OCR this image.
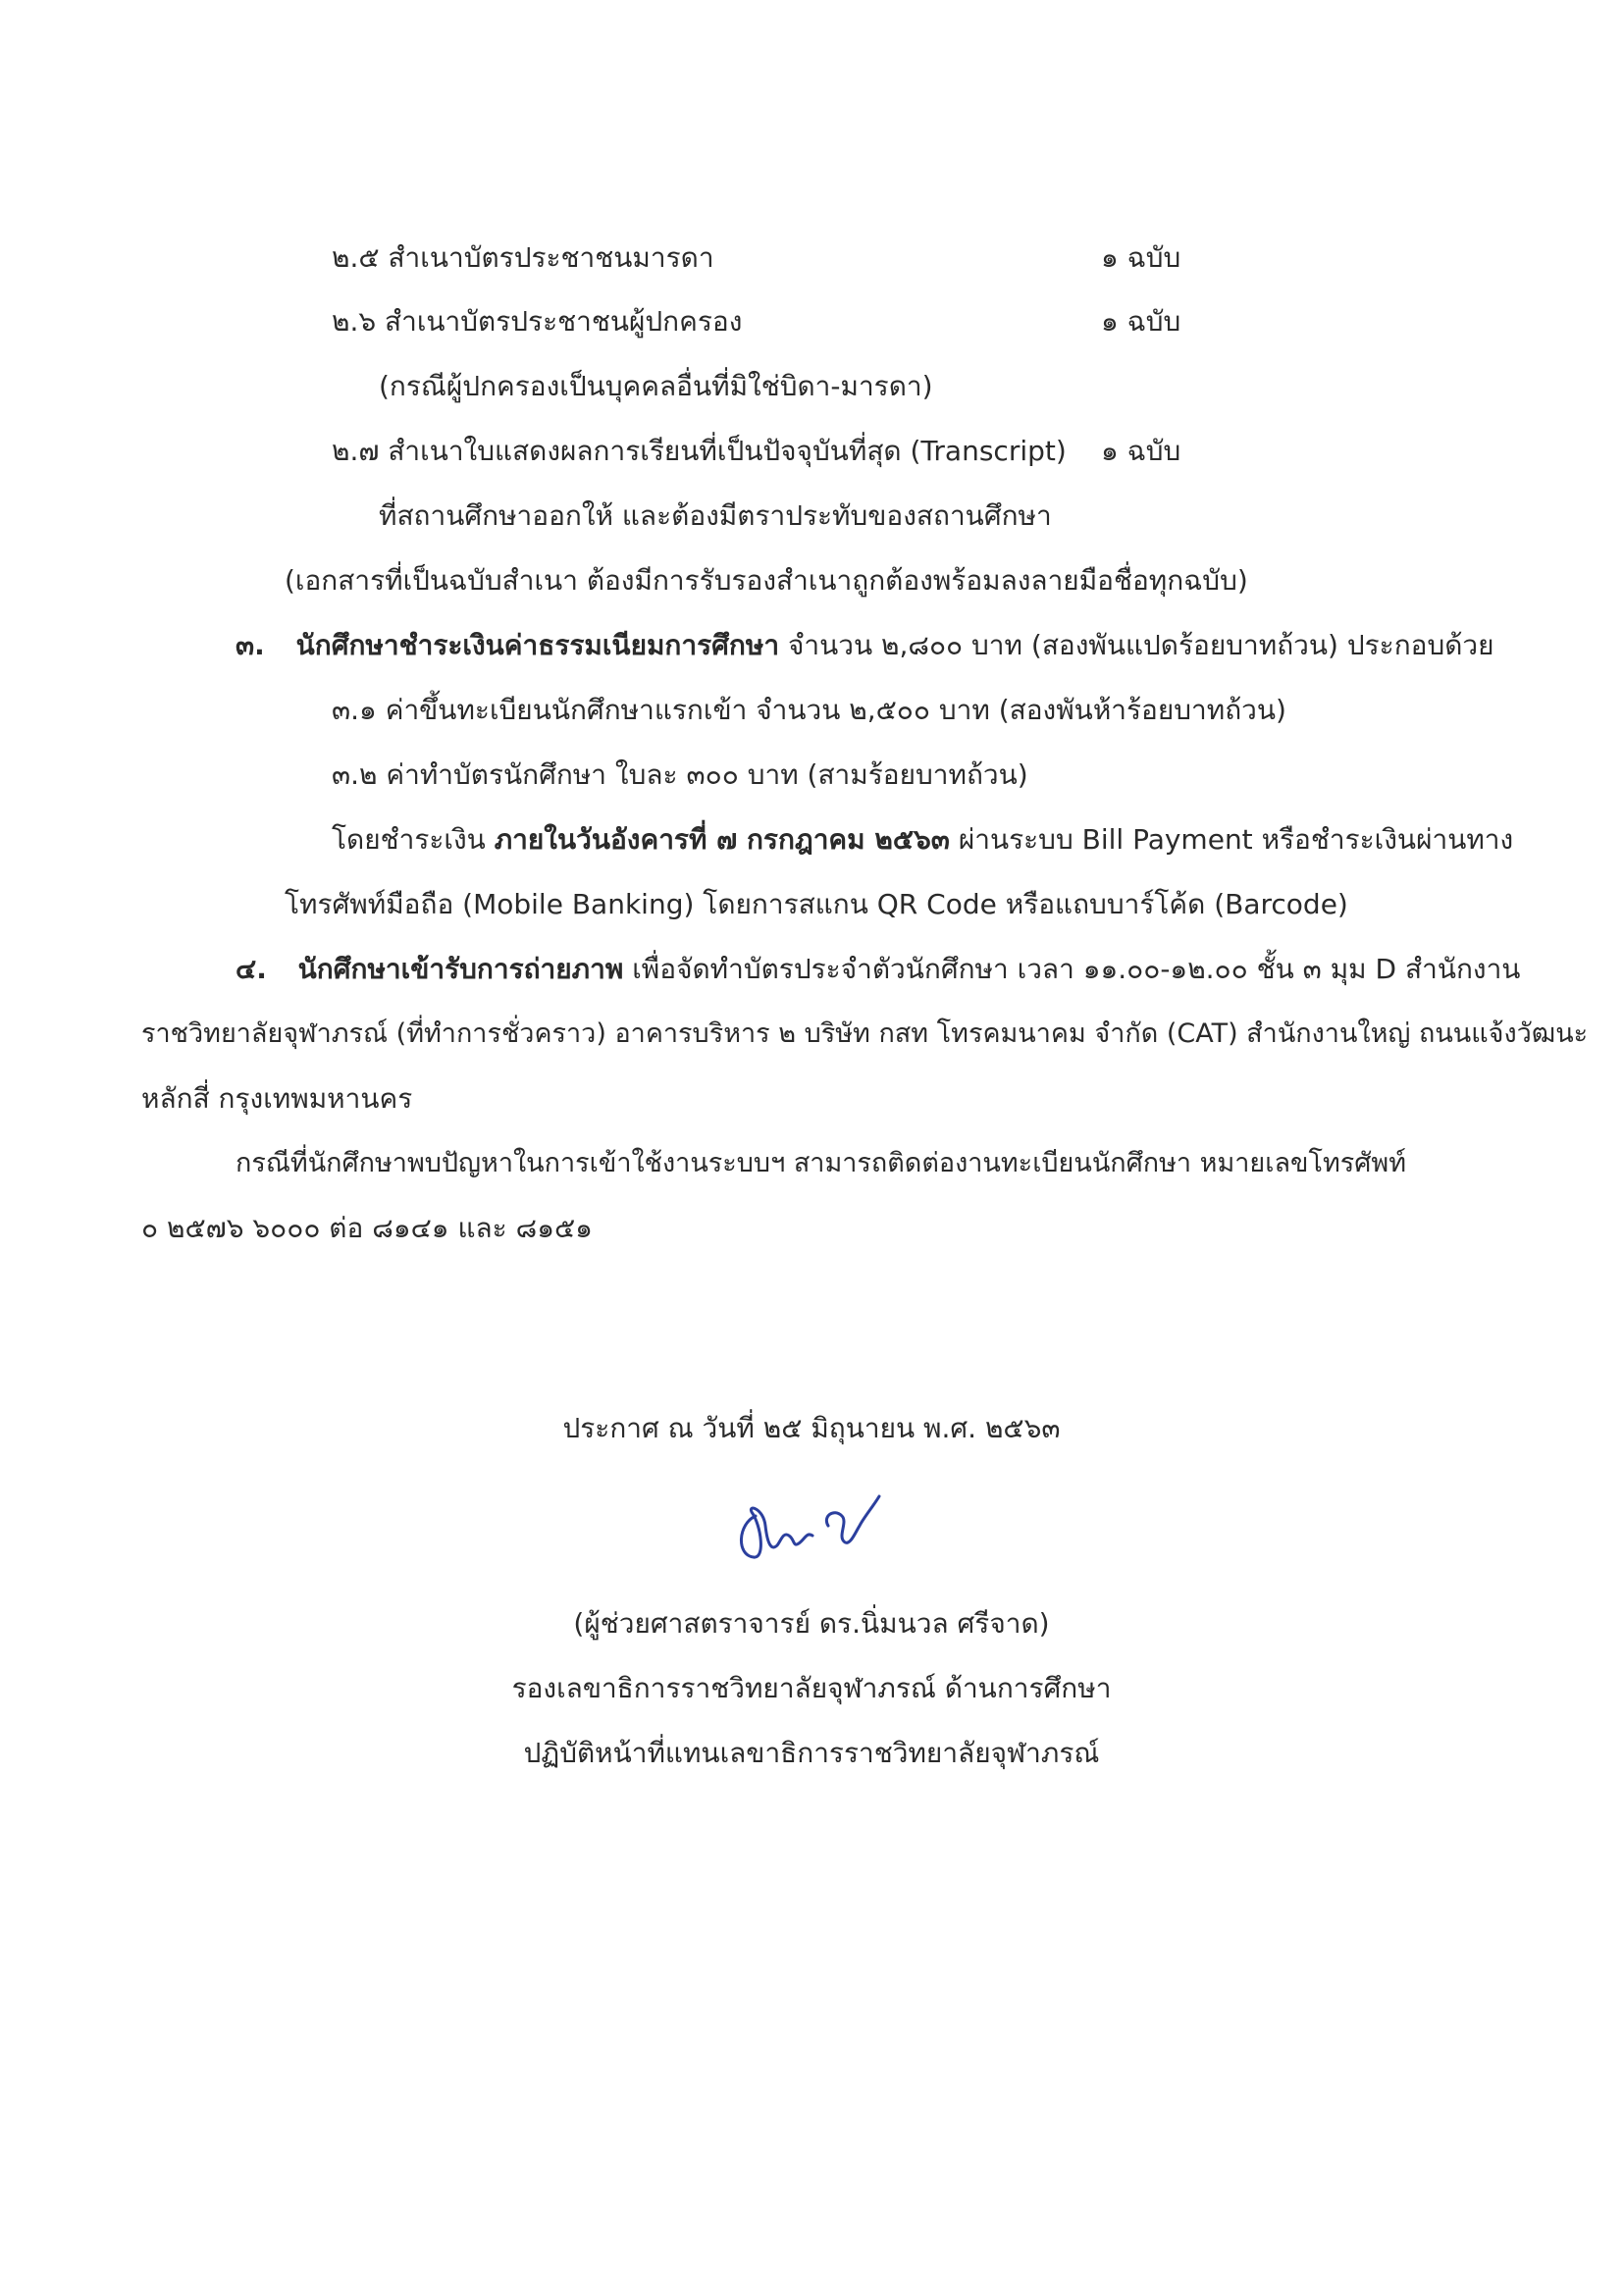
๒.๕ สำเนาบัตรประชาชนมารดา	๑ ฉบับ
๒.๖ สำเนาบัตรประชาชนผู้ปกครอง	๑ ฉบับ
(กรณีผู้ปกครองเป็นบุคคลอื่นที่มิใช่บิดา-มารดา)
๒.๗ สำเนาใบแสดงผลการเรียนที่เป็นปัจจุบันที่สุด (Transcript) ๑ ฉบับ
ที่สถานศึกษาออกให้ และต้องมีตราประทับของสถานศึกษา
(เอกสารที่เป็นฉบับสำเนา ต้องมีการรับรองสำเนาถูกต้องพร้อมลงลายมือชื่อทุกฉบับ)
๓. นักศึกษาชำระเงินค่าธรรมเนียมการศึกษา จำนวน ๒,๘๐๐ บาท (สองพันแปดร้อยบาทถ้วน) ประกอบด้วย
๓.๑ ค่าขึ้นทะเบียนนักศึกษาแรกเข้า จำนวน ๒,๕๐๐ บาท (สองพันห้าร้อยบาทถ้วน)
๓.๒ ค่าทำบัตรนักศึกษา ใบละ ๓๐๐ บาท (สามร้อยบาทถ้วน)
โดยชำระเงิน ภายในวันอังคารที่ ๗ กรกฎาคม ๒๕๖๓ ผ่านระบบ Bill Payment หรือชำระเงินผ่านทาง
โทรศัพท์มือถือ (Mobile Banking) โดยการสแกน QR Code หรือแถบบาร์โค้ด (Barcode)
๔. นักศึกษาเข้ารับการถ่ายภาพ เพื่อจัดทำบัตรประจำตัวนักศึกษา เวลา ๑๑.๐๐-๑๒.๐๐ ชั้น ๓ มุม D สำนักงาน
ราชวิทยาลัยจุฬาภรณ์ (ที่ทำการชั่วคราว) อาคารบริหาร ๒ บริษัท กสท โทรคมนาคม จำกัด (CAT) สำนักงานใหญ่ ถนนแจ้งวัฒนะ
หลักสี่ กรุงเทพมหานคร
กรณีที่นักศึกษาพบปัญหาในการเข้าใช้งานระบบฯ สามารถติดต่องานทะเบียนนักศึกษา หมายเลขโทรศัพท์
๐ ๒๕๗๖ ๖๐๐๐ ต่อ ๘๑๔๑ และ ๘๑๕๑
ประกาศ ณ วันที่ ๒๕ มิถุนายน พ.ศ. ๒๕๖๓
(ผู้ช่วยศาสตราจารย์ ดร.นิ่มนวล ศรีจาด)
รองเลขาธิการราชวิทยาลัยจุฬาภรณ์ ด้านการศึกษา
ปฏิบัติหน้าที่แทนเลขาธิการราชวิทยาลัยจุฬาภรณ์
